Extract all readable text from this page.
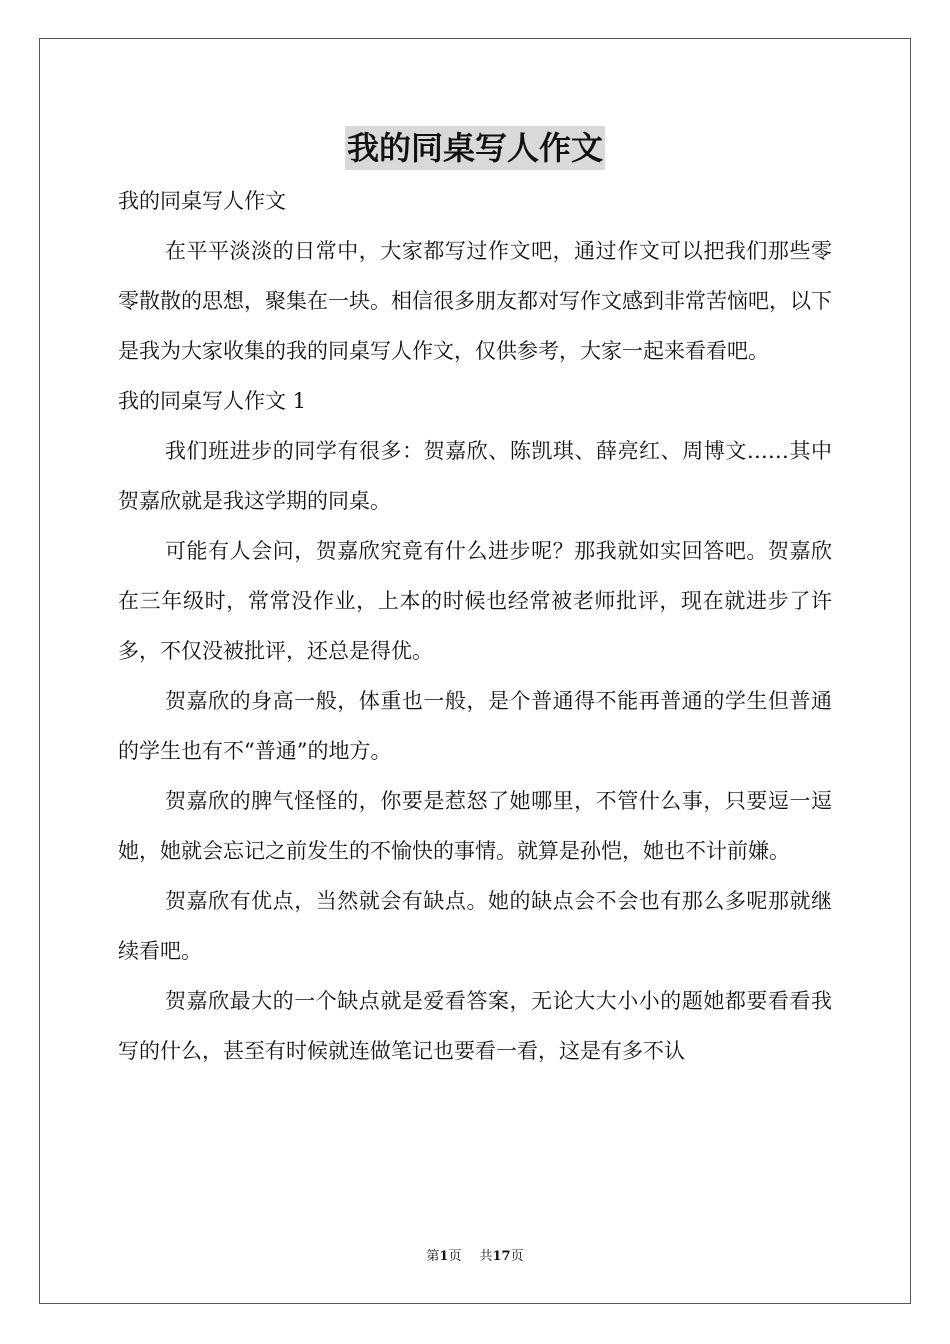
我的同桌写人作文

我的同桌写人作文

在平平淡淡的日常中，大家都写过作文吧，通过作文可以把我们那些零零散散的思想，聚集在一块。相信很多朋友都对写作文感到非常苦恼吧，以下是我为大家收集的我的同桌写人作文，仅供参考，大家一起来看看吧。

我的同桌写人作文 1

我们班进步的同学有很多：贺嘉欣、陈凯琪、薛亮红、周博文……其中贺嘉欣就是我这学期的同桌。

可能有人会问，贺嘉欣究竟有什么进步呢？那我就如实回答吧。贺嘉欣在三年级时，常常没作业，上本的时候也经常被老师批评，现在就进步了许多，不仅没被批评，还总是得优。

贺嘉欣的身高一般，体重也一般，是个普通得不能再普通的学生但普通的学生也有不“普通”的地方。

贺嘉欣的脾气怪怪的，你要是惹怒了她哪里，不管什么事，只要逗一逗她，她就会忘记之前发生的不愉快的事情。就算是孙恺，她也不计前嫌。

贺嘉欣有优点，当然就会有缺点。她的缺点会不会也有那么多呢那就继续看吧。

贺嘉欣最大的一个缺点就是爱看答案，无论大大小小的题她都要看看我写的什么，甚至有时候就连做笔记也要看一看，这是有多不认

第1页 共17页
